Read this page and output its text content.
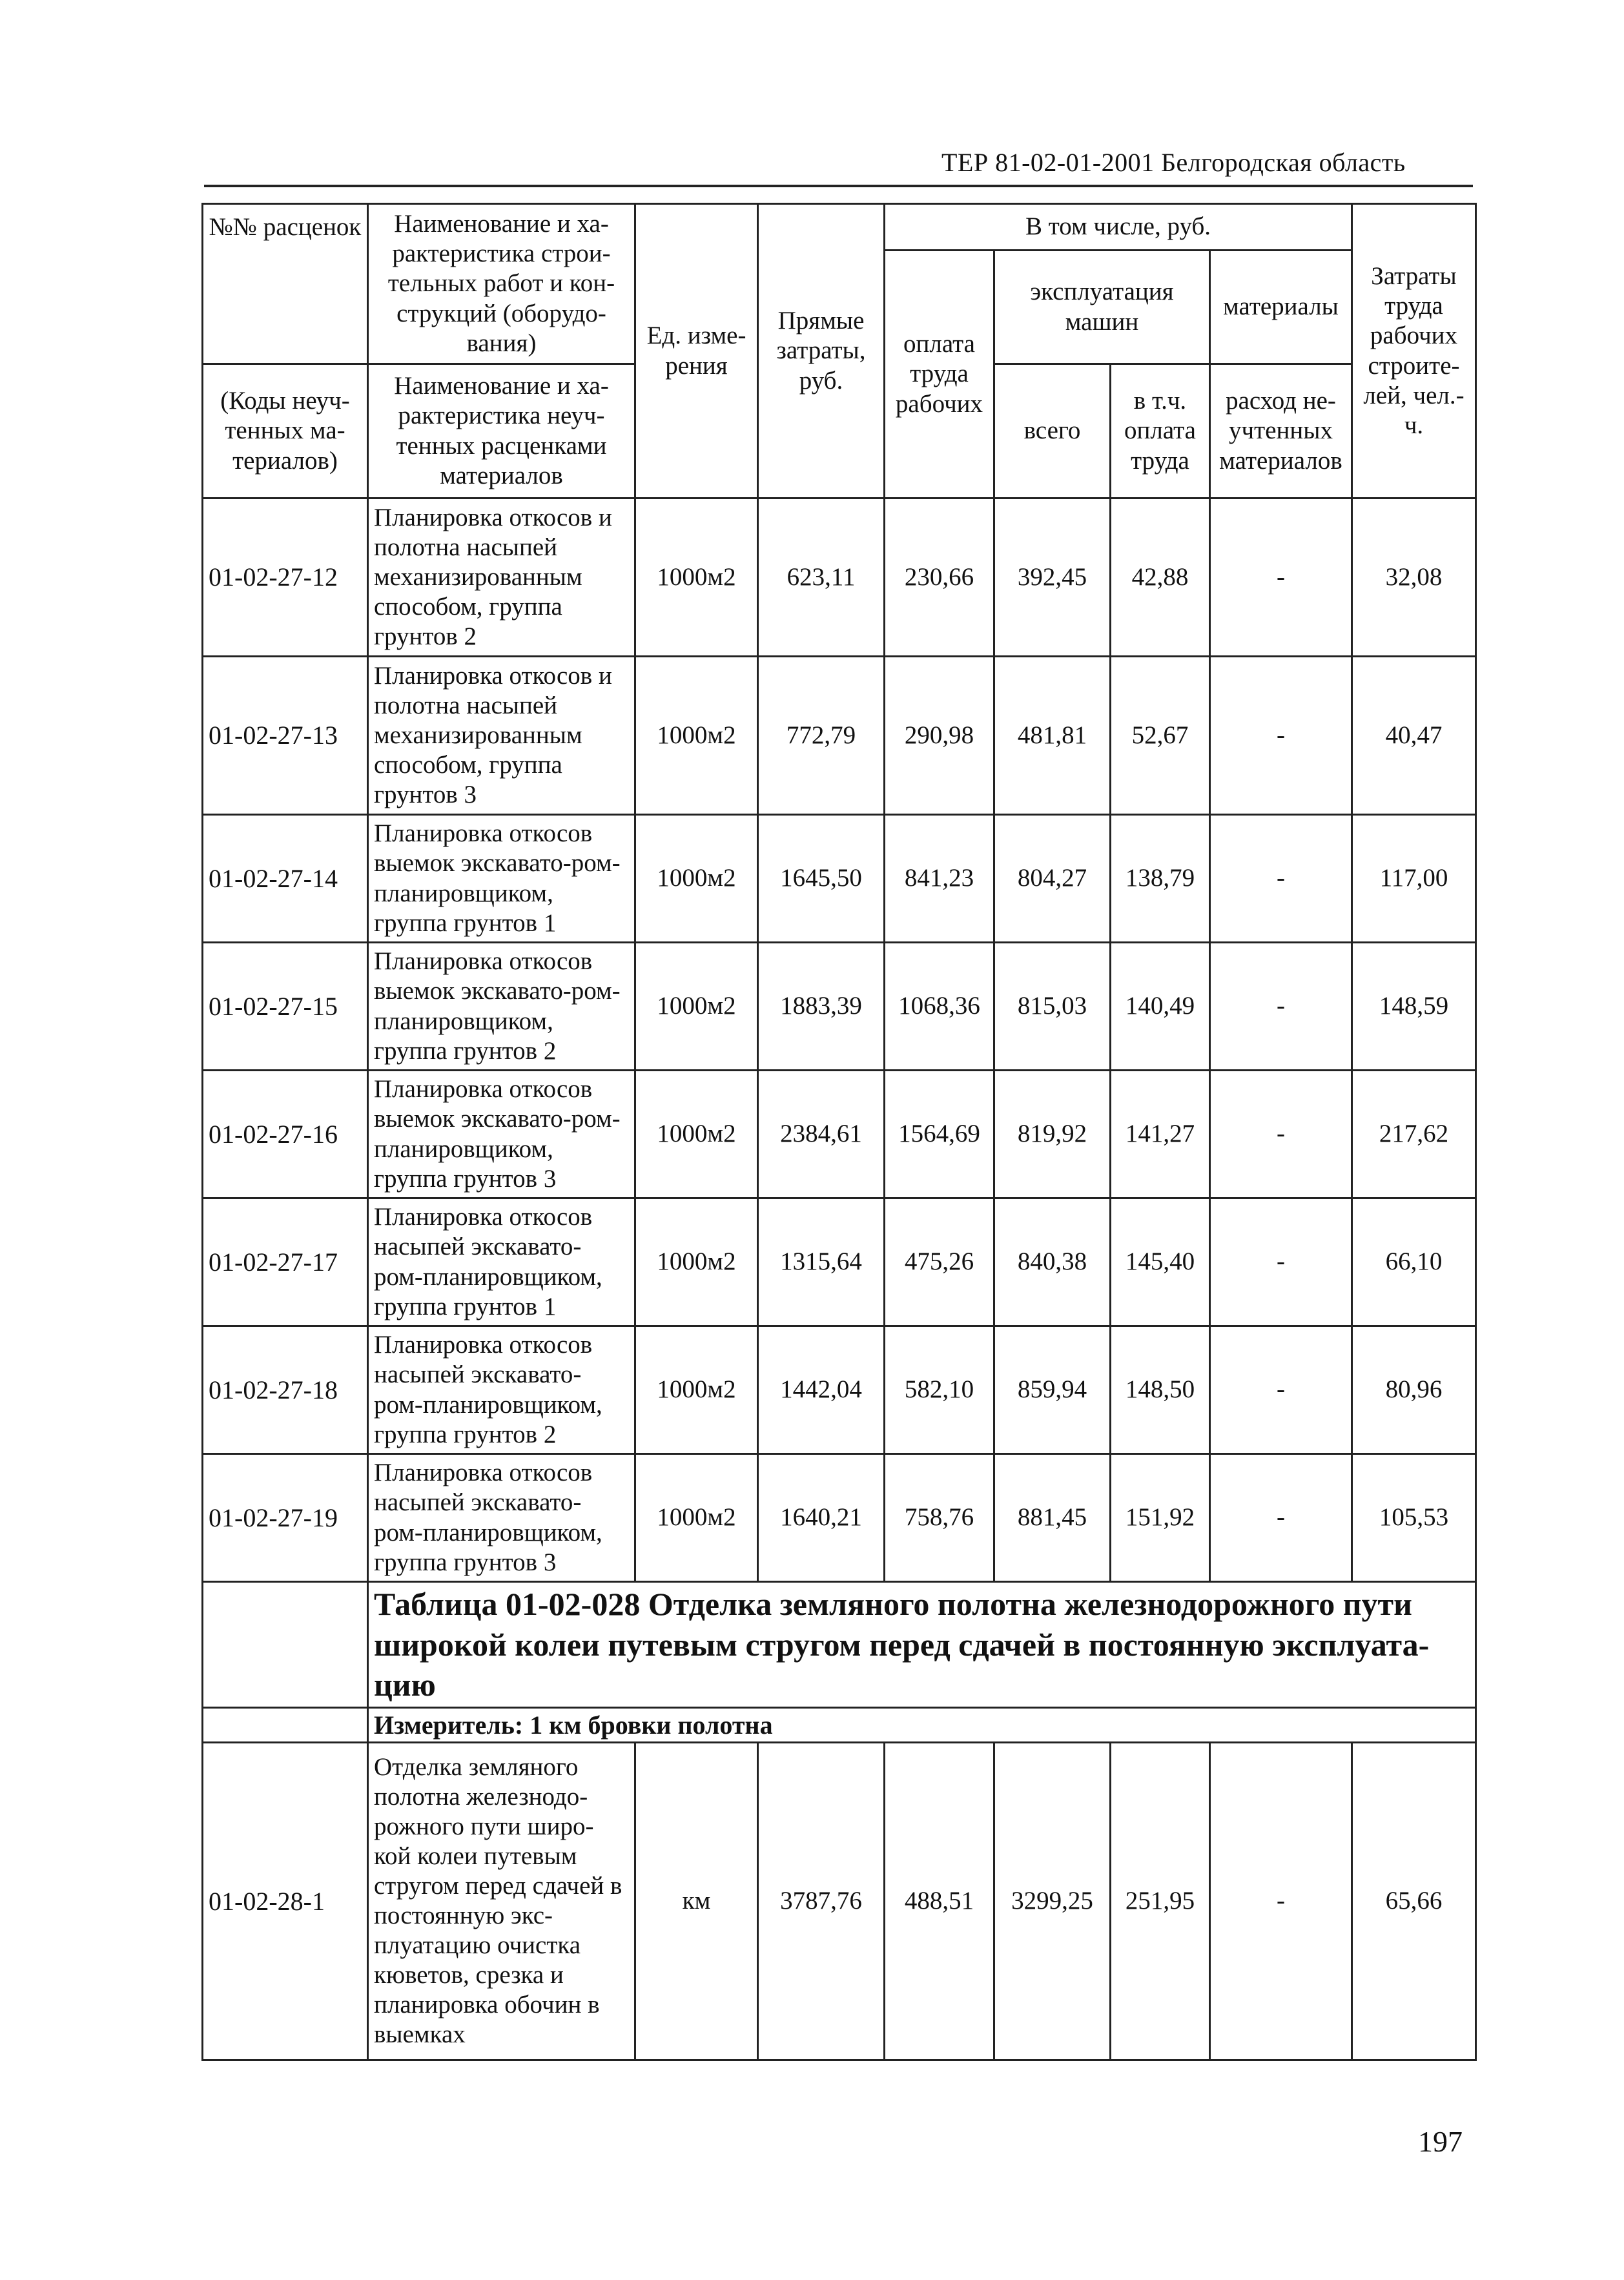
ТЕР 81-02-01-2001 Белгородская область
№№ расценок	Наименование и ха-рактеристика строи-тельных работ и кон-струкций (оборудо-вания)	Ед. изме-рения	Прямые затраты, руб.	В том числе, руб.				Затраты труда рабочих строите-лей, чел.-ч.
				оплата труда рабочих	эксплуатация машин		материалы	
(Коды неуч-тенных ма-териалов)	Наименование и ха-рактеристика неуч-тенных расценками материалов				всего	в т.ч. оплата труда	расход не-учтенных материалов	

01-02-27-12	Планировка откосов и полотна насыпей механизированным способом, группа грунтов 2	1000м2	623,11	230,66	392,45	42,88	-	32,08
01-02-27-13	Планировка откосов и полотна насыпей механизированным способом, группа грунтов 3	1000м2	772,79	290,98	481,81	52,67	-	40,47
01-02-27-14	Планировка откосов выемок экскавато-ром-планировщиком, группа грунтов 1	1000м2	1645,50	841,23	804,27	138,79	-	117,00
01-02-27-15	Планировка откосов выемок экскавато-ром-планировщиком, группа грунтов 2	1000м2	1883,39	1068,36	815,03	140,49	-	148,59
01-02-27-16	Планировка откосов выемок экскавато-ром-планировщиком, группа грунтов 3	1000м2	2384,61	1564,69	819,92	141,27	-	217,62
01-02-27-17	Планировка откосов насыпей экскавато-ром-планировщиком, группа грунтов 1	1000м2	1315,64	475,26	840,38	145,40	-	66,10
01-02-27-18	Планировка откосов насыпей экскавато-ром-планировщиком, группа грунтов 2	1000м2	1442,04	582,10	859,94	148,50	-	80,96
01-02-27-19	Планировка откосов насыпей экскавато-ром-планировщиком, группа грунтов 3	1000м2	1640,21	758,76	881,45	151,92	-	105,53
	Таблица 01-02-028 Отделка земляного полотна железнодорожного пути широкой колеи путевым стругом перед сдачей в постоянную эксплуата-цию							
	Измеритель: 1 км бровки полотна							
01-02-28-1	Отделка земляного полотна железнодо-рожного пути широ-кой колеи путевым стругом перед сдачей в постоянную экс-плуатацию очистка кюветов, срезка и планировка обочин в выемках	км	3787,76	488,51	3299,25	251,95	-	65,66
197
